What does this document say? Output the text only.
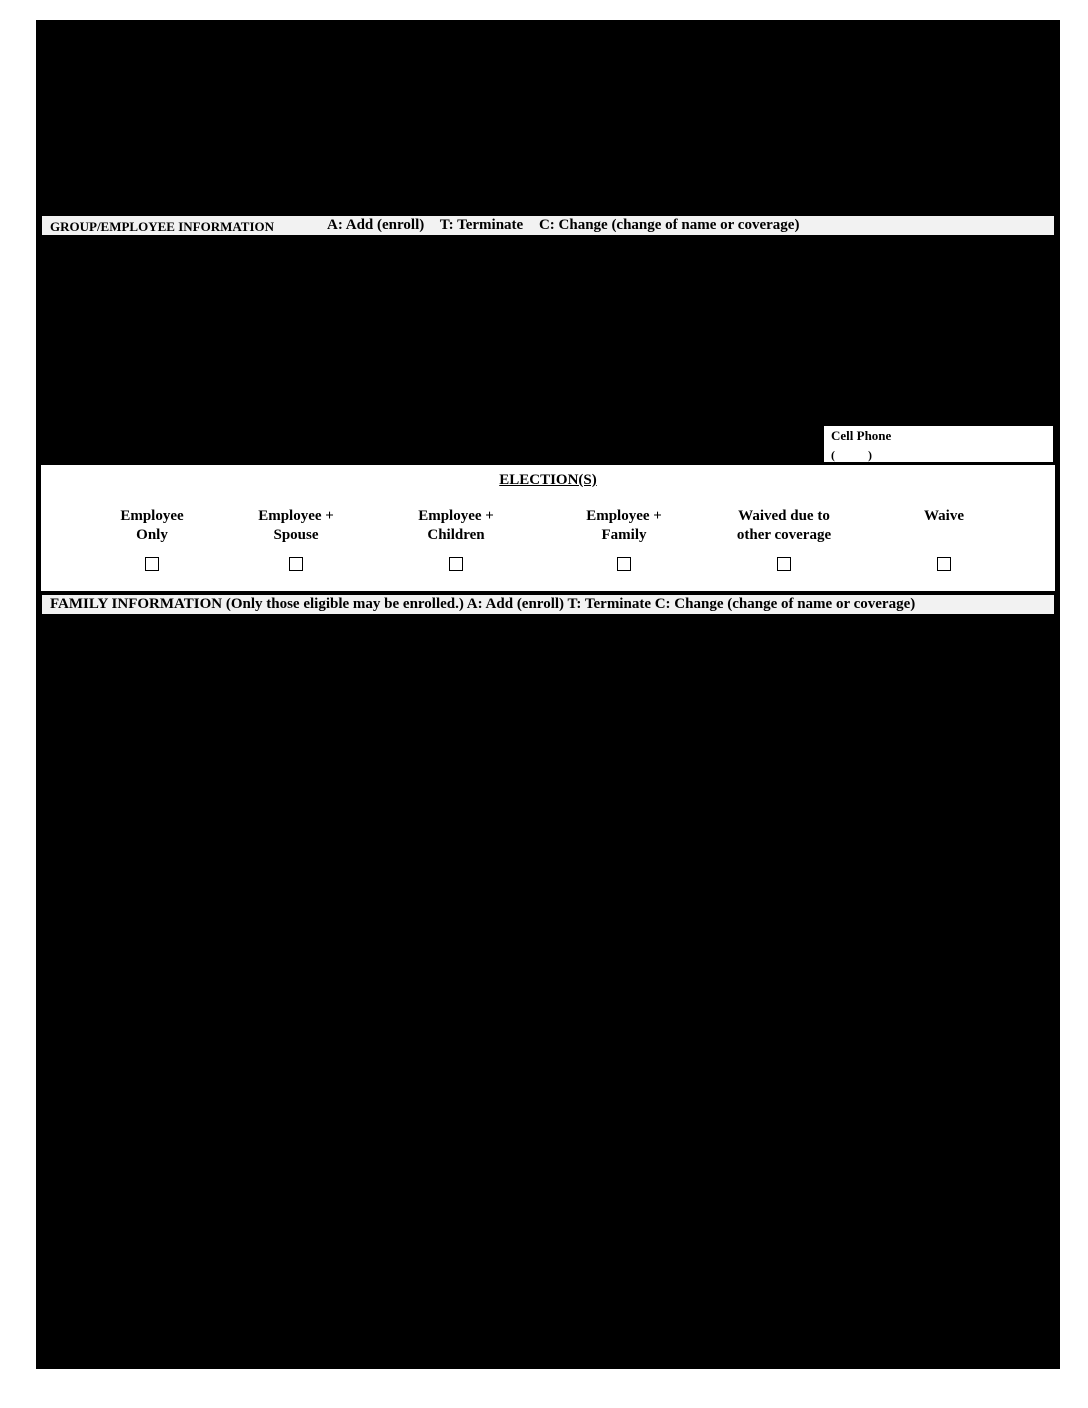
GROUP/EMPLOYEE INFORMATION	A: Add (enroll) T: Terminate C: Change (change of name or coverage)
Cell Phone
(           )
ELECTION(S)
Employee
Only
Employee +
Spouse
Employee +
Children
Employee +
Family
Waived due to
other coverage
Waive

FAMILY INFORMATION (Only those eligible may be enrolled.) A: Add (enroll) T: Terminate C: Change (change of name or coverage)
